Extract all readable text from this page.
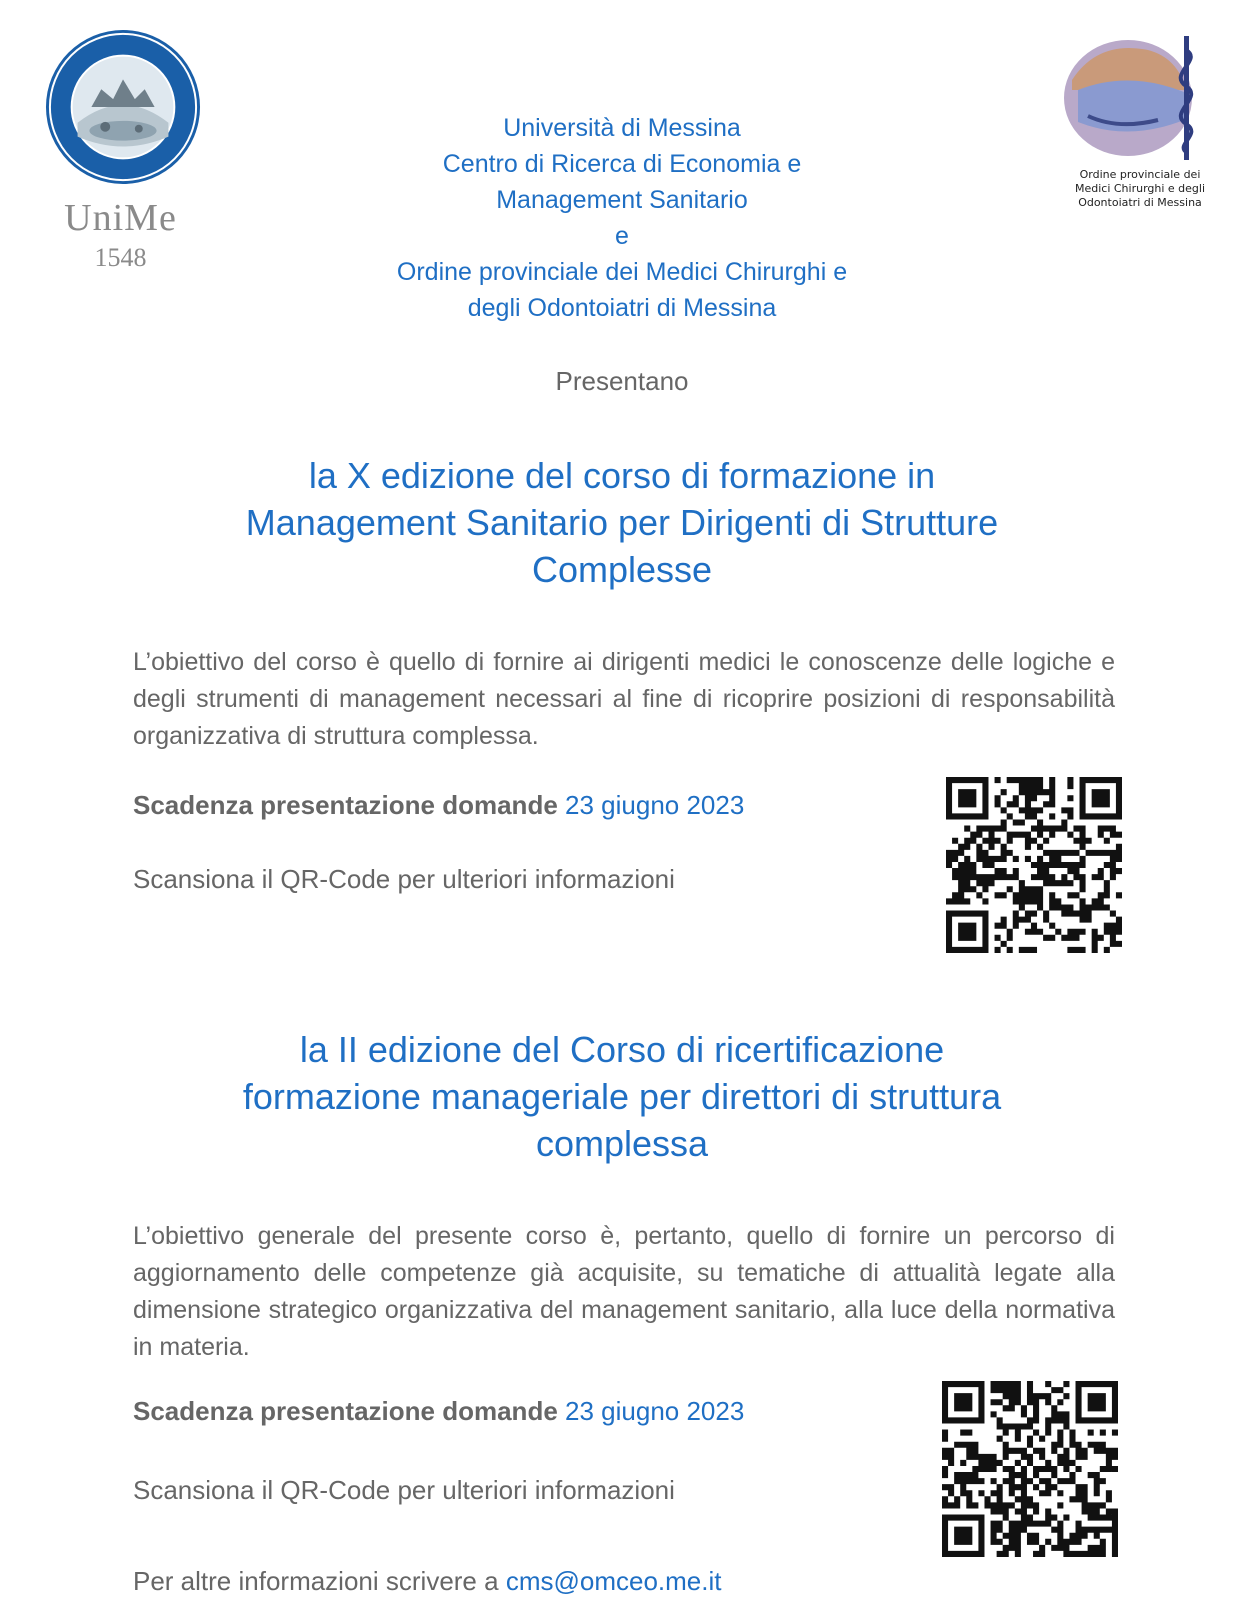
UniMe
1548
Ordine provinciale dei
Medici Chirurghi e degli
Odontoiatri di Messina
Università di Messina
Centro di Ricerca di Economia e
Management Sanitario
e
Ordine provinciale dei Medici Chirurghi e
degli Odontoiatri di Messina
Presentano
la X edizione del corso di formazione in
Management Sanitario per Dirigenti di Strutture
Complesse

L’obiettivo del corso è quello di fornire ai dirigenti medici le conoscenze delle logiche e degli strumenti di management necessari al fine di ricoprire posizioni di responsabilità organizzativa di struttura complessa.

Scadenza presentazione domande 23 giugno 2023
Scansiona il QR-Code per ulteriori informazioni
la II edizione del Corso di ricertificazione
formazione manageriale per direttori di struttura
complessa

L’obiettivo generale del presente corso è, pertanto, quello di fornire un percorso di aggiornamento delle competenze già acquisite, su tematiche di attualità legate alla dimensione strategico organizzativa del management sanitario, alla luce della normativa in materia.

Scadenza presentazione domande 23 giugno 2023
Scansiona il QR-Code per ulteriori informazioni
Per altre informazioni scrivere a cms@omceo.me.it
